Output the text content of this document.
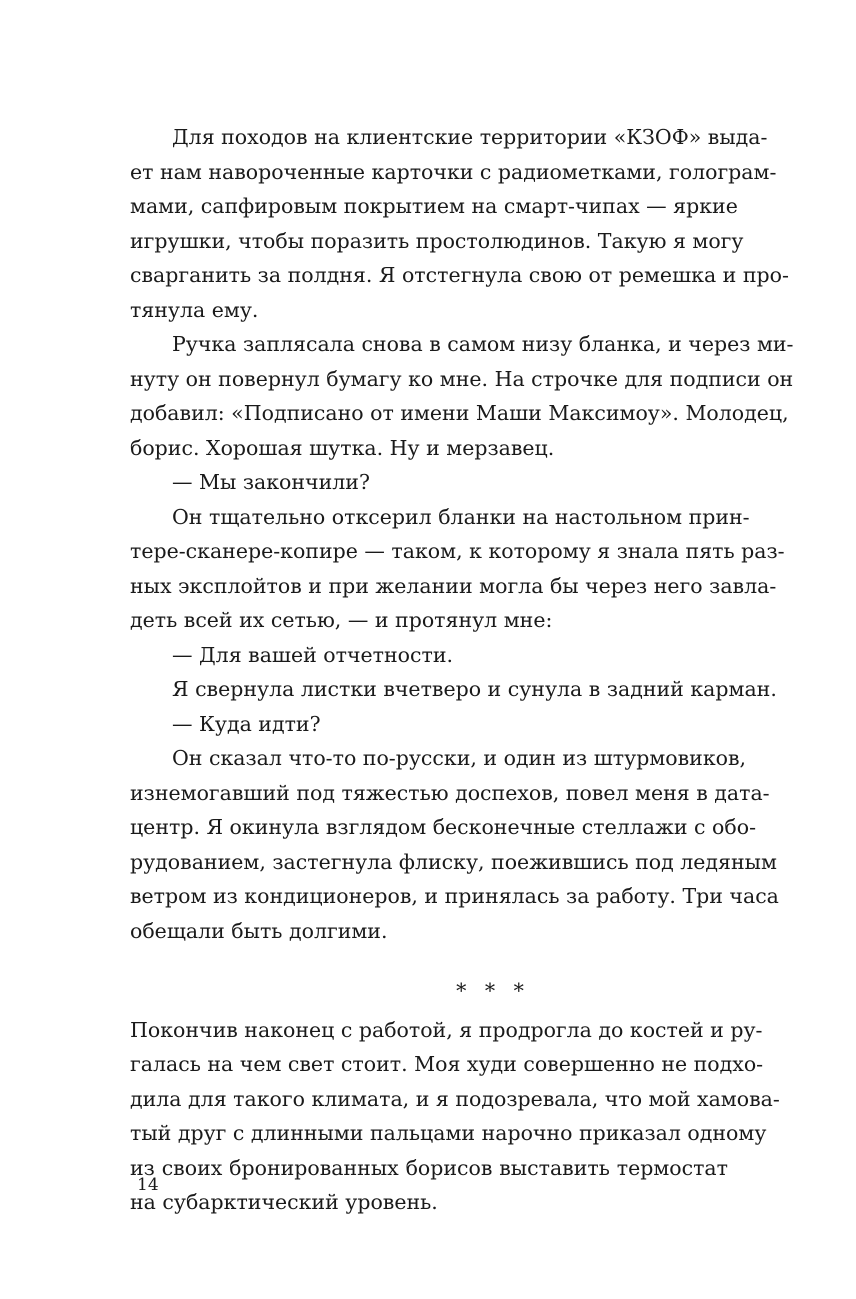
Для походов на клиентские территории «КЗОФ» выда-
ет нам навороченные карточки с радиометками, голограм-
мами, сапфировым покрытием на смарт-чипах — яркие
игрушки, чтобы поразить простолюдинов. Такую я могу
сварганить за полдня. Я отстегнула свою от ремешка и про-
тянула ему.
Ручка заплясала снова в самом низу бланка, и через ми-
нуту он повернул бумагу ко мне. На строчке для подписи он
добавил: «Подписано от имени Маши Максимоу». Молодец,
борис. Хорошая шутка. Ну и мерзавец.
— Мы закончили?
Он тщательно отксерил бланки на настольном прин-
тере-сканере-копире — таком, к которому я знала пять раз-
ных эксплойтов и при желании могла бы через него завла-
деть всей их сетью, — и протянул мне:
— Для вашей отчетности.
Я свернула листки вчетверо и сунула в задний карман.
— Куда идти?
Он сказал что-то по-русски, и один из штурмовиков,
изнемогавший под тяжестью доспехов, повел меня в дата-
центр. Я окинула взглядом бесконечные стеллажи с обо-
рудованием, застегнула флиску, поежившись под ледяным
ветром из кондиционеров, и принялась за работу. Три часа
обещали быть долгими.
* * *
Покончив наконец с работой, я продрогла до костей и ру-
галась на чем свет стоит. Моя худи совершенно не подхо-
дила для такого климата, и я подозревала, что мой хамова-
тый друг с длинными пальцами нарочно приказал одному
из своих бронированных борисов выставить термостат
на субарктический уровень.
14
